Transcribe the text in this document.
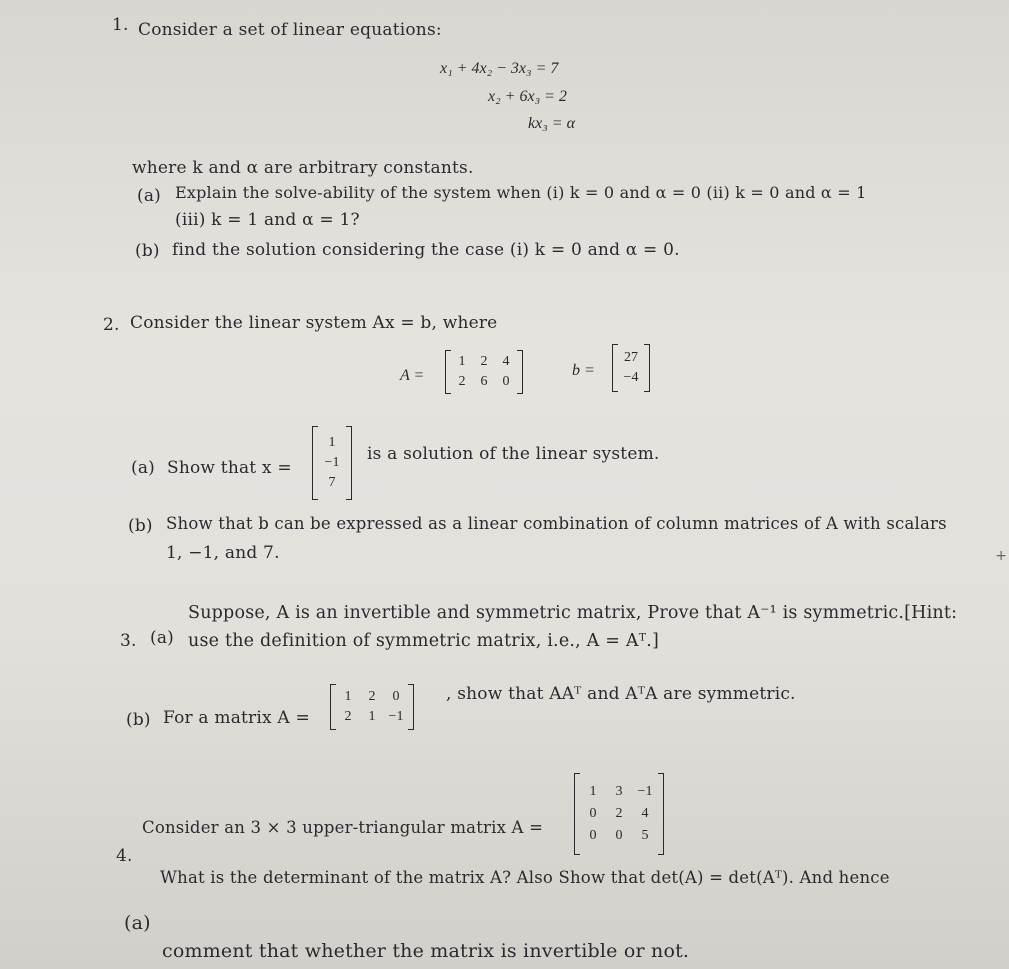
1. Consider a set of linear equations:
x₁ + 4x₂ − 3x₃ = 7
x₂ + 6x₃ = 2
kx₃ = α
where k and α are arbitrary constants.
(a) Explain the solve-ability of the system when (i) k = 0 and α = 0 (ii) k = 0 and α = 1
(iii) k = 1 and α = 1?
(b) find the solution considering the case (i) k = 0 and α = 0.
2. Consider the linear system Ax = b, where
A =
1	2	4
2	6	0
b =
27
−4
(a) Show that x =
1
−1
7
is a solution of the linear system.
(b) Show that b can be expressed as a linear combination of column matrices of A with scalars
1, −1, and 7.	+
3. (a)
Suppose, A is an invertible and symmetric matrix, Prove that A⁻¹ is symmetric.[Hint:
use the definition of symmetric matrix, i.e., A = Aᵀ.]
(b) For a matrix A =
1	2	0
2	1 −1
, show that AAᵀ and AᵀA are symmetric.
4.
Consider an 3 × 3 upper-triangular matrix A =
1	3	−1
0	2	4
0	0	5
What is the determinant of the matrix A? Also Show that det(A) = det(Aᵀ). And hence
(a)
comment that whether the matrix is invertible or not.
